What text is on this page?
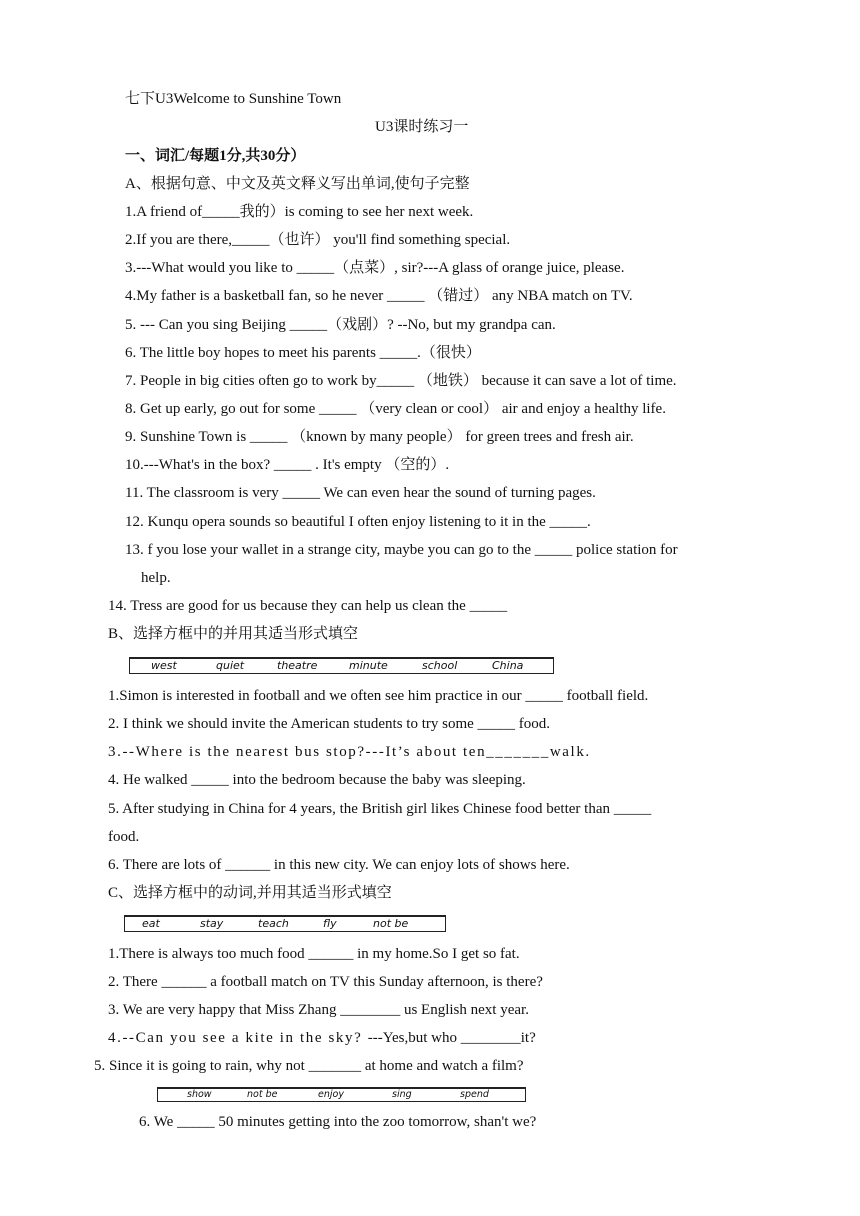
七下U3Welcome to Sunshine Town
U3课时练习一
一、词汇/每题1分,共30分）
A、根据句意、中文及英文释义写出单词,使句子完整
1.A friend of_____我的）is coming to see her next week.
2.If you are there,_____（也许） you'll find something special.
3.---What would you like to _____（点菜）, sir?---A glass of orange juice, please.
4.My father is a basketball fan, so he never _____ （错过） any NBA match on TV.
5. --- Can you sing Beijing _____（戏剧）? --No, but my grandpa can.
6. The little boy hopes to meet his parents _____.（很快）
7. People in big cities often go to work by_____ （地铁） because it can save a lot of time.
8. Get up early, go out for some _____ （very clean or cool） air and enjoy a healthy life.
9. Sunshine Town is _____ （known by many people） for green trees and fresh air.
10.---What's in the box? _____ . It's empty （空的）.
11. The classroom is very _____ We can even hear the sound of turning pages.
12. Kunqu opera sounds so beautiful I often enjoy listening to it in the _____.
13. f you lose your wallet in a strange city, maybe you can go to the _____ police station for
help.
14. Tress are good for us because they can help us clean the _____
B、选择方框中的并用其适当形式填空
west	quiet	theatre	minute	school	China
1.Simon is interested in football and we often see him practice in our _____ football field.
2. I think we should invite the American students to try some _____ food.
3.--Where is the nearest bus stop?---It’s about ten_______walk.
4. He walked _____ into the bedroom because the baby was sleeping.
5. After studying in China for 4 years, the British girl likes Chinese food better than _____
food.
6. There are lots of ______ in this new city. We can enjoy lots of shows here.
C、选择方框中的动词,并用其适当形式填空
eat	stay	teach	fly	not be
1.There is always too much food ______ in my home.So I get so fat.
2. There ______ a football match on TV this Sunday afternoon, is there?
3. We are very happy that Miss Zhang ________ us English next year.
4.--Can you see a kite in the sky? ---Yes,but who ________it?
5. Since it is going to rain, why not _______ at home and watch a film?
show	not be	enjoy	sing	spend
6. We _____ 50 minutes getting into the zoo tomorrow, shan't we?
